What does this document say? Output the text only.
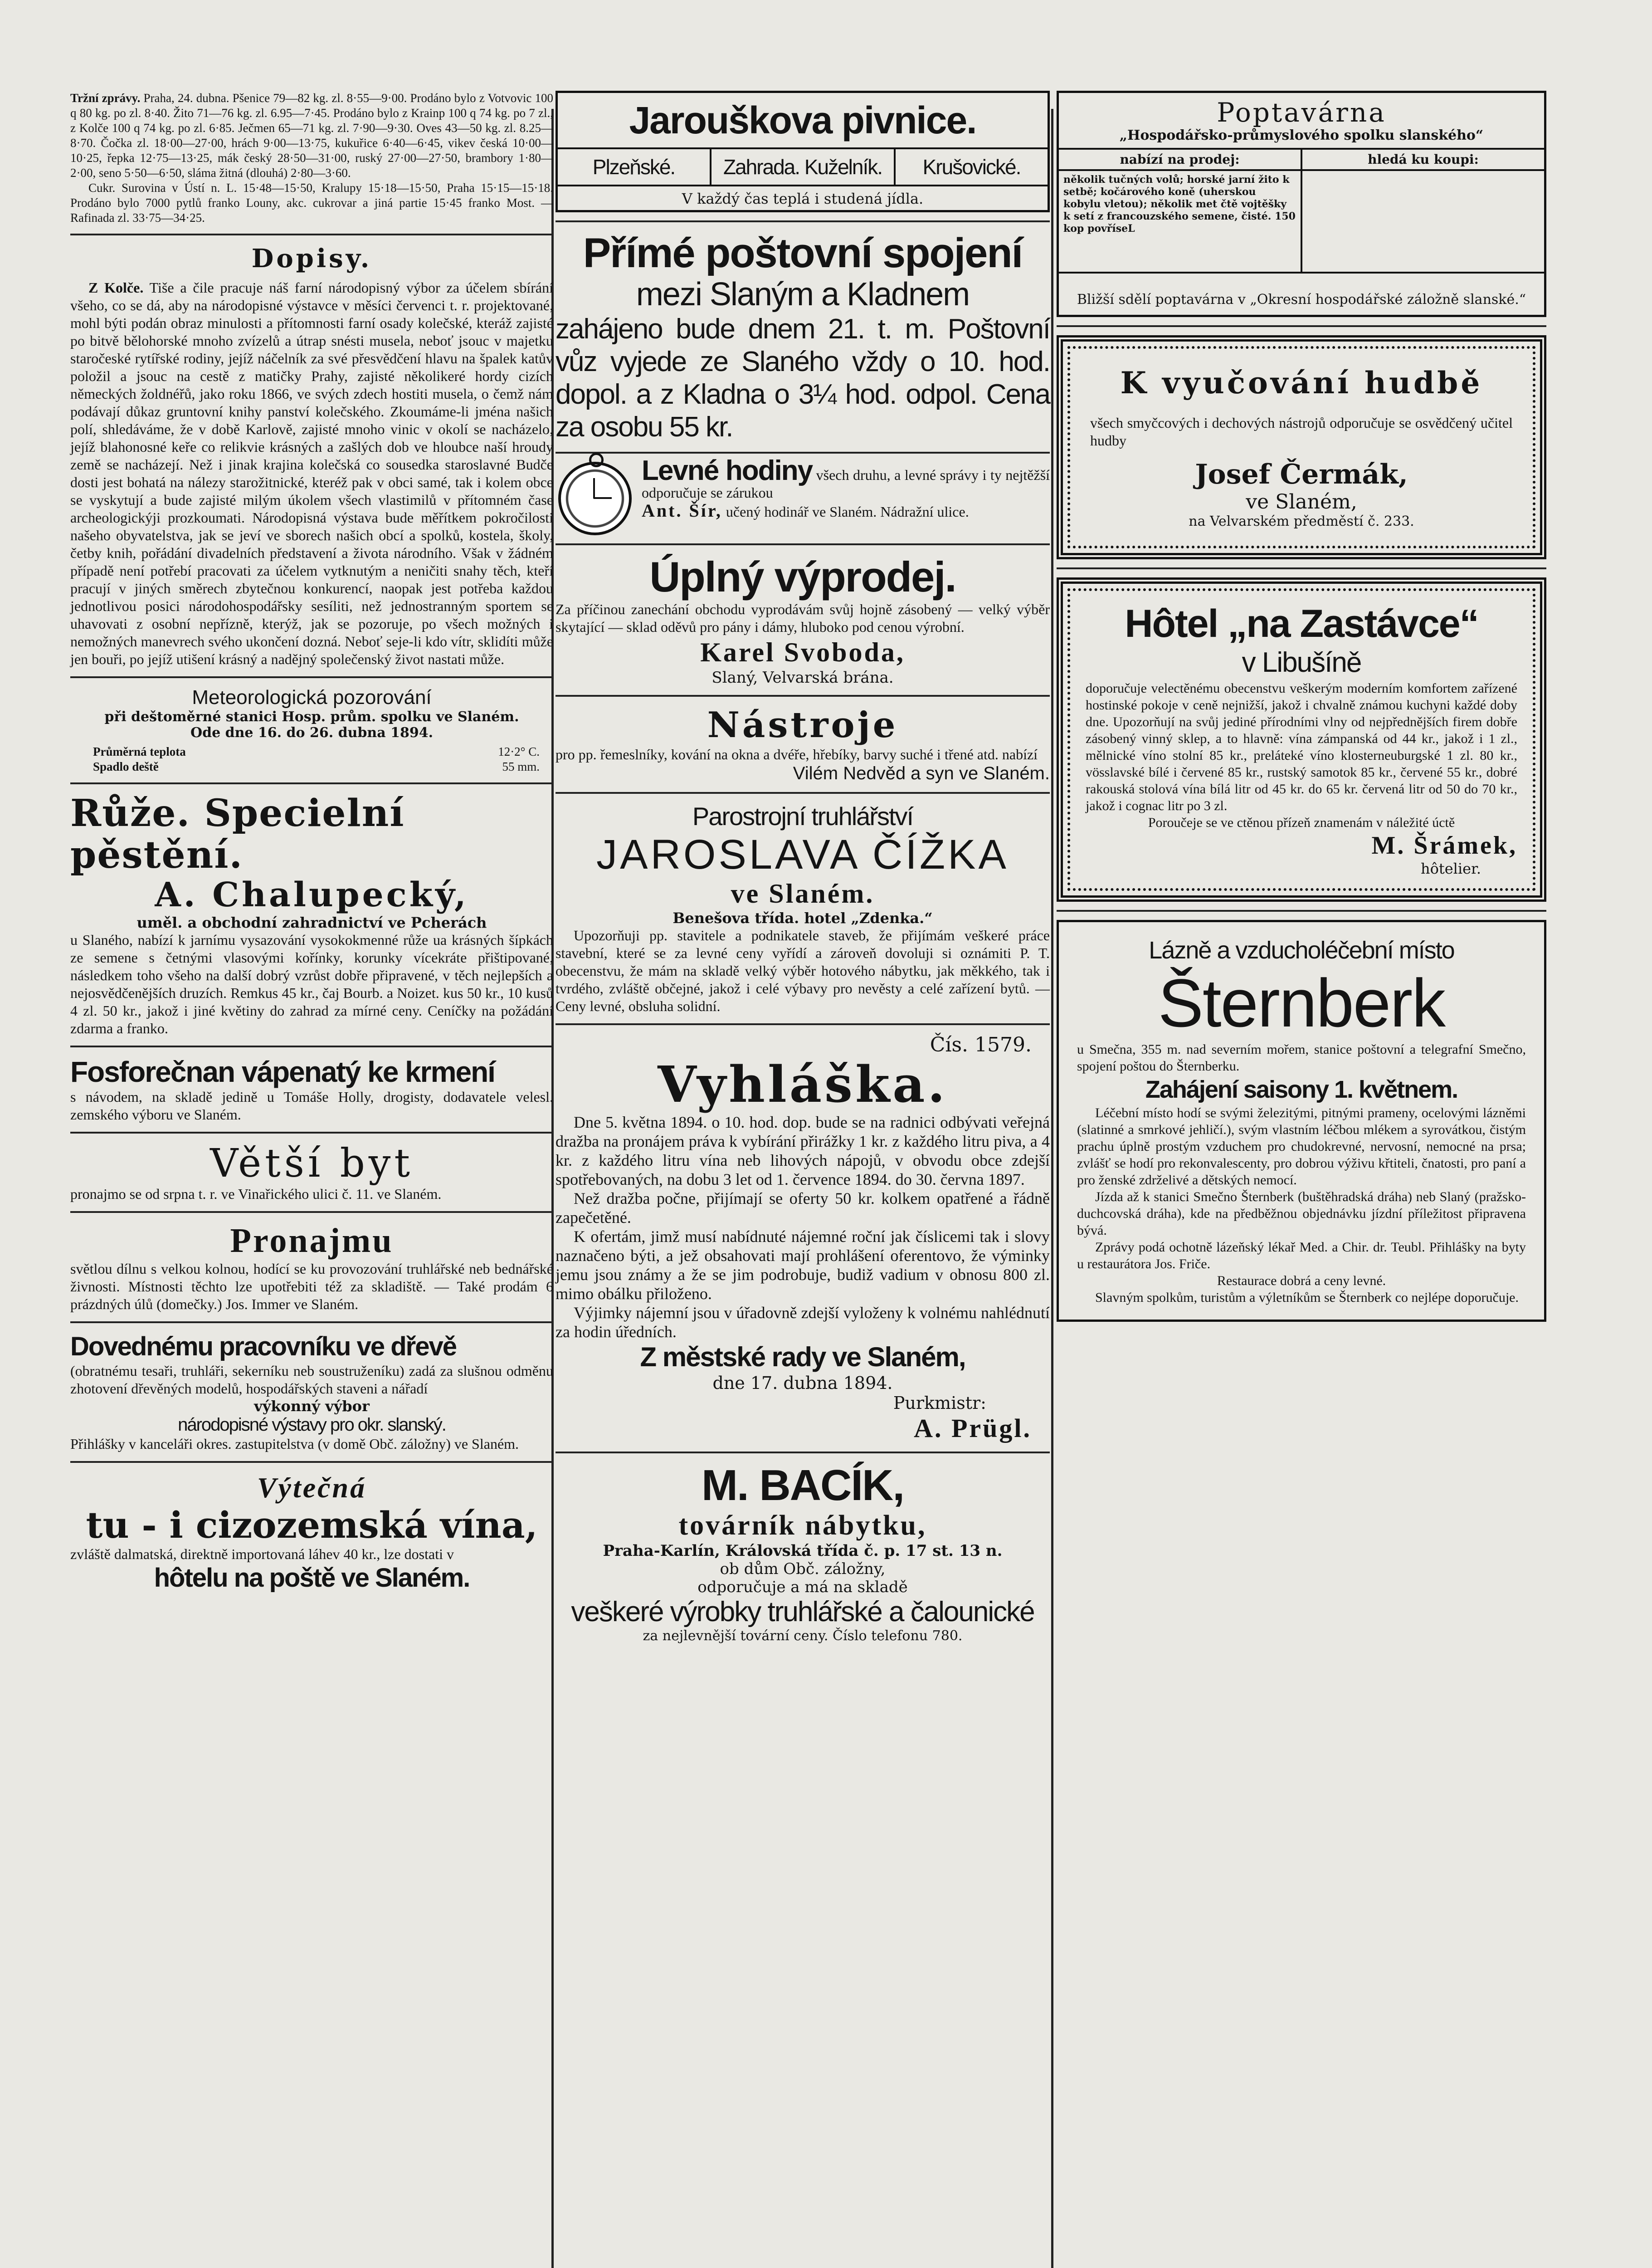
Tržní zprávy. Praha, 24. dubna. Pšenice 79—82 kg. zl. 8·55—9·00. Prodáno bylo z Votvovic 100 q 80 kg. po zl. 8·40. Žito 71—76 kg. zl. 6.95—7·45. Prodáno bylo z Krainp 100 q 74 kg. po 7 zl., z Kolče 100 q 74 kg. po zl. 6·85. Ječmen 65—71 kg. zl. 7·90—9·30. Oves 43—50 kg. zl. 8.25—8·70. Čočka zl. 18·00—27·00, hrách 9·00—13·75, kukuřice 6·40—6·45, vikev česká 10·00—10·25, řepka 12·75—13·25, mák český 28·50—31·00, ruský 27·00—27·50, brambory 1·80—2·00, seno 5·50—6·50, sláma žitná (dlouhá) 2·80—3·60.

Cukr. Surovina v Ústí n. L. 15·48—15·50, Kralupy 15·18—15·50, Praha 15·15—15·18. Prodáno bylo 7000 pytlů franko Louny, akc. cukrovar a jiná partie 15·45 franko Most. — Rafinada zl. 33·75—34·25.

Dopisy.

Z Kolče. Tiše a čile pracuje náš farní národopisný výbor za účelem sbírání všeho, co se dá, aby na národopisné výstavce v měsíci červenci t. r. projektované, mohl býti podán obraz minulosti a přítomnosti farní osady kolečské, kteráž zajisté po bitvě bělohorské mnoho zvízelů a útrap snésti musela, neboť jsouc v majetku staročeské rytířské rodiny, jejíž náčelník za své přesvědčení hlavu na špalek katův položil a jsouc na cestě z matičky Prahy, zajisté několikeré hordy cizích německých žoldnéřů, jako roku 1866, ve svých zdech hostiti musela, o čemž nám podávají důkaz gruntovní knihy panství kolečského. Zkoumáme-li jména našich polí, shledáváme, že v době Karlově, zajisté mnoho vinic v okolí se nacházelo, jejíž blahonosné keře co relikvie krásných a zašlých dob ve hloubce naší hroudy země se nacházejí. Než i jinak krajina kolečská co sousedka staroslavné Budče dosti jest bohatá na nálezy starožitnické, kteréž pak v obci samé, tak i kolem obce se vyskytují a bude zajisté milým úkolem všech vlastimilů v přítomném čase archeologickýji prozkoumati. Národopisná výstava bude měřítkem pokročilosti našeho obyvatelstva, jak se jeví ve sborech našich obcí a spolků, kostela, školy, četby knih, pořádání divadelních představení a života národního. Však v žádném případě není potřebí pracovati za účelem vytknutým a neničiti snahy těch, kteří pracují v jiných směrech zbytečnou konkurencí, naopak jest potřeba každou jednotlivou posici národohospodářsky sesíliti, než jednostranným sportem se uhavovati z osobní nepřízně, kterýž, jak se pozoruje, po všech možných i nemožných manevrech svého ukončení dozná. Neboť seje-li kdo vítr, sklidíti může jen bouři, po jejíž utišení krásný a nadějný společenský život nastati může.

Meteorologická pozorování
při deštoměrné stanici Hosp. prům. spolku ve Slaném.
Ode dne 16. do 26. dubna 1894.
Průměrná teplota	12·2° C.
Spadlo deště	55 mm.
Růže. Specielní pěstění.
A. Chalupecký,
uměl. a obchodní zahradnictví ve Pcherách

u Slaného, nabízí k jarnímu vysazování vysokokmenné růže ua krásných šípkách ze semene s četnými vlasovými kořínky, korunky vícekráte přištipované, následkem toho všeho na další dobrý vzrůst dobře připravené, v těch nejlepších a nejosvědčenějších druzích. Remkus 45 kr., čaj Bourb. a Noizet. kus 50 kr., 10 kusů 4 zl. 50 kr., jakož i jiné květiny do zahrad za mírné ceny. Ceníčky na požádání zdarma a franko.

Fosforečnan vápenatý ke krmení

s návodem, na skladě jedině u Tomáše Holly, drogisty, dodavatele velesl. zemského výboru ve Slaném.

Větší byt

pronajmo se od srpna t. r. ve Vinařického ulici č. 11. ve Slaném.

Pronajmu

světlou dílnu s velkou kolnou, hodící se ku provozování truhlářské neb bednářské živnosti. Místnosti těchto lze upotřebiti též za skladiště. — Také prodám 6 prázdných úlů (domečky.) Jos. Immer ve Slaném.

Dovednému pracovníku ve dřevě

(obratnému tesaři, truhláři, sekerníku neb soustruženíku) zadá za slušnou odměnu zhotovení dřevěných modelů, hospodářských staveni a nářadí

výkonný výbor
národopisné výstavy pro okr. slanský.

Přihlášky v kanceláři okres. zastupitelstva (v domě Obč. záložny) ve Slaném.

Výtečná
tu - i cizozemská vína,

zvláště dalmatská, direktně importovaná láhev 40 kr., lze dostati v

hôtelu na poště ve Slaném.
Jarouškova pivnice.
Plzeňské.	Zahrada. Kuželník.	Krušovické.
V každý čas teplá i studená jídla.
Přímé poštovní spojení
mezi Slaným a Kladnem

zahájeno bude dnem 21. t. m. Poštovní vůz vyjede ze Slaného vždy o 10. hod. dopol. a z Kladna o 3¼ hod. odpol. Cena za osobu 55 kr.

Levné hodiny všech druhu, a levné správy i ty nejtěžší odporučuje se zárukou

Ant. Šír, učený hodinář ve Slaném. Nádražní ulice.

Úplný výprodej.

Za příčinou zanechání obchodu vyprodávám svůj hojně zásobený — velký výběr skytající — sklad oděvů pro pány i dámy, hluboko pod cenou výrobní.

Karel Svoboda,
Slaný, Velvarská brána.
Nástroje

pro pp. řemeslníky, kování na okna a dvéře, hřebíky, barvy suché i třené atd. nabízí

Vilém Nedvěd a syn ve Slaném.
Parostrojní truhlářství
JAROSLAVA ČÍŽKA
ve Slaném.
Benešova třída. hotel „Zdenka.“

Upozorňuji pp. stavitele a podnikatele staveb, že přijímám veškeré práce stavební, které se za levné ceny vyřídí a zároveň dovoluji si oznámiti P. T. obecenstvu, že mám na skladě velký výběr hotového nábytku, jak měkkého, tak i tvrdého, zvláště občejné, jakož i celé výbavy pro nevěsty a celé zařízení bytů. — Ceny levné, obsluha solidní.

Čís. 1579.
Vyhláška.

Dne 5. května 1894. o 10. hod. dop. bude se na radnici odbývati veřejná dražba na pronájem práva k vybírání přirážky 1 kr. z každého litru piva, a 4 kr. z každého litru vína neb lihových nápojů, v obvodu obce zdejší spotřebovaných, na dobu 3 let od 1. července 1894. do 30. června 1897.

Než dražba počne, přijímají se oferty 50 kr. kolkem opatřené a řádně zapečetěné.

K ofertám, jimž musí nabídnuté nájemné roční jak číslicemi tak i slovy naznačeno býti, a jež obsahovati mají prohlášení oferentovo, že výminky jemu jsou známy a že se jim podrobuje, budiž vadium v obnosu 800 zl. mimo obálku přiloženo.

Výjimky nájemní jsou v úřadovně zdejší vyloženy k volnému nahlédnutí za hodin úředních.

Z městské rady ve Slaném,
dne 17. dubna 1894.
Purkmistr:
A. Prügl.
M. BACÍK,
továrník nábytku,
Praha-Karlín, Královská třída č. p. 17 st. 13 n.
ob dům Obč. záložny,
odporučuje a má na skladě
veškeré výrobky truhlářské a čalounické
za nejlevnější tovární ceny. Číslo telefonu 780.
Poptavárna
„Hospodářsko-průmyslového spolku slanského“
nabízí na prodej:	hledá ku koupi:
několik tučných volů; horské jarní žito k setbě; kočárového koně (uherskou kobylu vletou); několik met čtě vojtěšky k setí z francouzského semene, čisté. 150 kop povříseL	
Bližší sdělí poptavárna v „Okresní hospodářské záložně slanské.“
K vyučování hudbě

všech smyčcových i dechových nástrojů odporučuje se osvědčený učitel hudby

Josef Čermák,
ve Slaném,
na Velvarském předměstí č. 233.
Hôtel „na Zastávce“
v Libušíně

doporučuje velectěnému obecenstvu veškerým moderním komfortem zařízené hostinské pokoje v ceně nejnižší, jakož i chvalně známou kuchyni každé doby dne. Upozorňují na svůj jediné přírodními vlny od nejpřednějších firem dobře zásobený vinný sklep, a to hlavně: vína zámpanská od 44 kr., jakož i 1 zl., mělnické víno stolní 85 kr., preláteké víno klosterneuburgské 1 zl. 80 kr., vösslavské bílé i červené 85 kr., rustský samotok 85 kr., červené 55 kr., dobré rakouská stolová vína bílá litr od 45 kr. do 65 kr. červená litr od 50 do 70 kr., jakož i cognac litr po 3 zl.

Poroučeje se ve ctěnou přízeň znamenám v náležité úctě

M. Šrámek,
hôtelier.
Lázně a vzducholéčební místo
Šternberk

u Smečna, 355 m. nad severním mořem, stanice poštovní a telegrafní Smečno, spojení poštou do Šternberku.

Zahájení saisony 1. květnem.

Léčební místo hodí se svými železitými, pitnými prameny, ocelovými lázněmi (slatinné a smrkové jehličí.), svým vlastním léčbou mlékem a syrovátkou, čistým prachu úplně prostým vzduchem pro chudokrevné, nervosní, nemocné na prsa; zvlášť se hodí pro rekonvalescenty, pro dobrou výživu křtiteli, čnatosti, pro paní a pro ženské zdrželivé a dětských nemocí.

Jízda až k stanici Smečno Šternberk (buštěhradská dráha) neb Slaný (pražsko-duchcovská dráha), kde na předběžnou objednávku jízdní příležitost připravena bývá.

Zprávy podá ochotně lázeňský lékař Med. a Chir. dr. Teubl. Přihlášky na byty u restaurátora Jos. Friče.

Restaurace dobrá a ceny levné.

Slavným spolkům, turistům a výletníkům se Šternberk co nejlépe doporučuje.
